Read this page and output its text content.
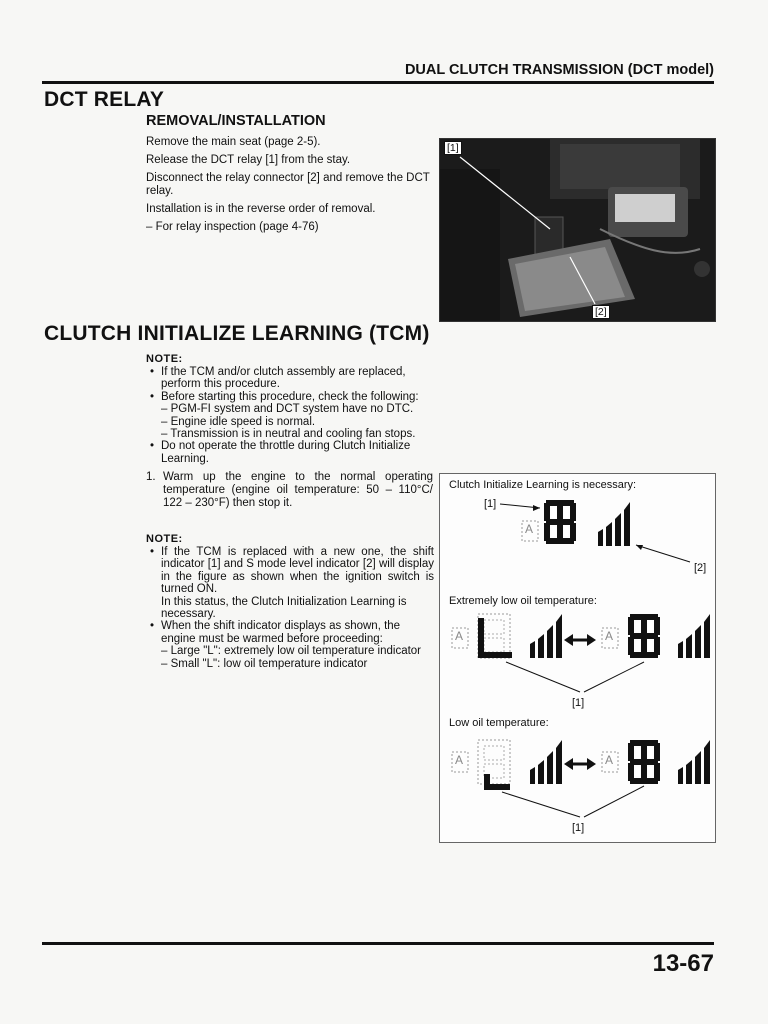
DUAL CLUTCH TRANSMISSION (DCT model)
DCT RELAY
REMOVAL/INSTALLATION
Remove the main seat (page 2-5).
Release the DCT relay [1] from the stay.
Disconnect the relay connector [2] and remove the DCT relay.
Installation is in the reverse order of removal.
– For relay inspection (page 4-76)
[1]
[2]
CLUTCH INITIALIZE LEARNING (TCM)
NOTE:
• If the TCM and/or clutch assembly are replaced, perform this procedure.
• Before starting this procedure, check the following:
– PGM-FI system and DCT system have no DTC.
– Engine idle speed is normal.
– Transmission is in neutral and cooling fan stops.
• Do not operate the throttle during Clutch Initialize Learning.
1. Warm up the engine to the normal operating temperature (engine oil temperature: 50 – 110°C/ 122 – 230°F) then stop it.
NOTE:
• If the TCM is replaced with a new one, the shift indicator [1] and S mode level indicator [2] will display in the figure as shown when the ignition switch is turned ON.
In this status, the Clutch Initialization Learning is necessary.
• When the shift indicator displays as shown, the engine must be warmed before proceeding:
– Large "L": extremely low oil temperature indicator
– Small "L": low oil temperature indicator
Clutch Initialize Learning is necessary:
Extremely low oil temperature:
Low oil temperature:
[1]
[2]
[1]
[1]
A
A	A
A	A
13-67
